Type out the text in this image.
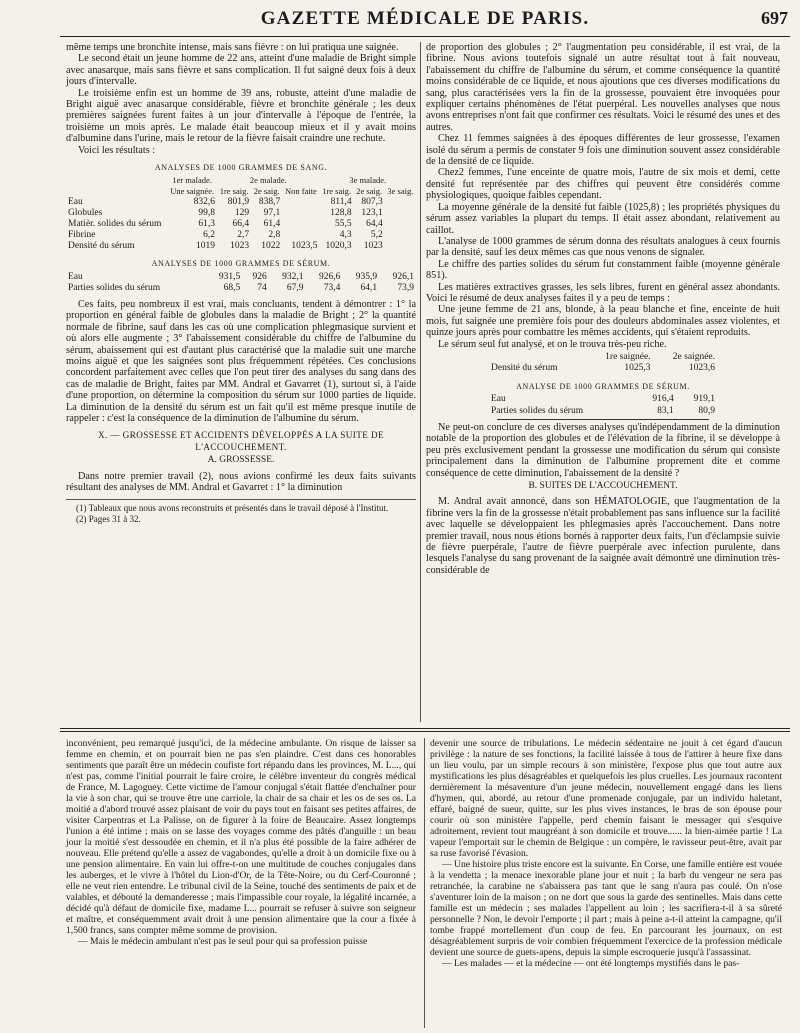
GAZETTE MÉDICALE DE PARIS.	697

même temps une bronchite intense, mais sans fièvre : on lui pratiqua une saignée.

Le second était un jeune homme de 22 ans, atteint d'une maladie de Bright simple avec anasarque, mais sans fièvre et sans complication. Il fut saigné deux fois à deux jours d'intervalle.

Le troisième enfin est un homme de 39 ans, robuste, atteint d'une maladie de Bright aiguë avec anasarque considérable, fièvre et bronchite générale ; les deux premières saignées furent faites à un jour d'intervalle à l'époque de l'entrée, la troisième un mois après. Le malade était beaucoup mieux et il y avait moins d'albumine dans l'urine, mais le retour de la fièvre faisait craindre une rechute.

Voici les résultats :

ANALYSES DE 1000 GRAMMES DE SANG.
	1er malade.	2e malade.			3e malade.		
	Une saignée.	1re saig.	2e saig.	Non faite	1re saig.	2e saig.	3e saig.
Eau	832,6	801,9	838,7		811,4	807,3	
Globules	99,8	129	97,1		128,8	123,1	
Matièr. solides du sérum	61,3	66,4	61,4		55,5	64,4	
Fibrine	6,2	2,7	2,8		4,3	5,2	
Densité du sérum	1019	1023	1022	1023,5	1020,3	1023	
ANALYSES DE 1000 GRAMMES DE SÉRUM.
Eau	931,5	926	932,1	926,6	935,9	926,1
Parties solides du sérum	68,5	74	67,9	73,4	64,1	73,9

Ces faits, peu nombreux il est vrai, mais concluants, tendent à démontrer : 1° la proportion en général faible de globules dans la maladie de Bright ; 2° la quantité normale de fibrine, sauf dans les cas où une complication phlegmasique survient et où alors elle augmente ; 3° l'abaissement considérable du chiffre de l'albumine du sérum, abaissement qui est d'autant plus caractérisé que la maladie suit une marche moins aiguë et que les saignées sont plus fréquemment répétées. Ces conclusions concordent parfaitement avec celles que l'on peut tirer des analyses du sang dans des cas de maladie de Bright, faites par MM. Andral et Gavarret (1), surtout si, à l'aide d'une proportion, on détermine la composition du sérum sur 1000 parties de liquide. La diminution de la densité du sérum est un fait qu'il est même presque inutile de rappeler : c'est la conséquence de la diminution de l'albumine du sérum.

X. — GROSSESSE ET ACCIDENTS DÉVELOPPÉS A LA SUITE DE L'ACCOUCHEMENT.
A. GROSSESSE.

Dans notre premier travail (2), nous avions confirmé les deux faits suivants résultant des analyses de MM. Andral et Gavarret : 1° la diminution

(1) Tableaux que nous avons reconstruits et présentés dans le travail déposé à l'Institut.
(2) Pages 31 à 32.

de proportion des globules ; 2° l'augmentation peu considérable, il est vrai, de la fibrine. Nous avions toutefois signalé un autre résultat tout à fait nouveau, l'abaissement du chiffre de l'albumine du sérum, et comme conséquence la quantité moins considérable de ce liquide, et nous ajoutions que ces diverses modifications du sang, plus caractérisées vers la fin de la grossesse, pouvaient être invoquées pour expliquer certains phénomènes de l'état puerpéral. Les nouvelles analyses que nous avons entreprises n'ont fait que confirmer ces résultats. Voici le résumé des unes et des autres.

Chez 11 femmes saignées à des époques différentes de leur grossesse, l'examen isolé du sérum a permis de constater 9 fois une diminution souvent assez considérable de la densité de ce liquide.

Chez2 femmes, l'une enceinte de quatre mois, l'autre de six mois et demi, cette densité fut représentée par des chiffres qui peuvent être considérés comme physiologiques, quoique faibles cependant.

La moyenne générale de la densité fut faible (1025,8) ; les propriétés physiques du sérum assez variables la plupart du temps. Il était assez abondant, relativement au caillot.

L'analyse de 1000 grammes de sérum donna des résultats analogues à ceux fournis par la densité, sauf les deux mêmes cas que nous venons de signaler.

Le chiffre des parties solides du sérum fut constamment faible (moyenne générale 851).

Les matières extractives grasses, les sels libres, furent en général assez abondants. Voici le résumé de deux analyses faites il y a peu de temps :

Une jeune femme de 21 ans, blonde, à la peau blanche et fine, enceinte de huit mois, fut saignée une première fois pour des douleurs abdominales assez violentes, et quinze jours après pour combattre les mêmes accidents, qui s'étaient reproduits.

Le sérum seul fut analysé, et on le trouva très-peu riche.

	1re saignée.	2e saignée.
Densité du sérum	1025,3	1023,6
ANALYSE DE 1000 GRAMMES DE SÉRUM.
Eau	916,4	919,1
Parties solides du sérum	83,1	80,9

Ne peut-on conclure de ces diverses analyses qu'indépendamment de la diminution notable de la proportion des globules et de l'élévation de la fibrine, il se développe à peu près exclusivement pendant la grossesse une modification du sérum qui consiste principalement dans la diminution de l'albumine proprement dite et comme conséquence de cette diminution, l'abaissement de la densité ?

B. SUITES DE L'ACCOUCHEMENT.

M. Andral avait annoncé, dans son HÉMATOLOGIE, que l'augmentation de la fibrine vers la fin de la grossesse n'était probablement pas sans influence sur la facilité avec laquelle se développaient les phlegmasies après l'accouchement. Dans notre premier travail, nous nous étions bornés à rapporter deux faits, l'un d'éclampsie suivie de fièvre puerpérale, l'autre de fièvre puerpérale avec infection purulente, dans lesquels l'analyse du sang provenant de la saignée avait démontré une diminution très-considérable de

inconvénient, peu remarqué jusqu'ici, de la médecine ambulante. On risque de laisser sa femme en chemin, et on pourrait bien ne pas s'en plaindre. C'est dans ces honorables sentiments que paraît être un médecin coufiste fort répandu dans les provinces, M. L..., qui n'est pas, comme l'initial pourrait le faire croire, le célèbre inventeur du congrès médical de France, M. Lagoguey. Cette victime de l'amour conjugal s'était flattée d'enchaîner pour la vie à son char, qui se trouve être une carriole, la chair de sa chair et les os de ses os. La moitié a d'abord trouvé assez plaisant de voir du pays tout en faisant ses petites affaires, de visiter Carpentras et La Palisse, on de figurer à la foire de Beaucaire. Assez longtemps l'union a été intime ; mais on se lasse des voyages comme des pâtés d'anguille : un beau jour la moitié s'est dessoudée en chemin, et il n'a plus été possible de la faire adhérer de nouveau. Elle prétend qu'elle a assez de vagabondes, qu'elle a droit à un domicile fixe ou à une pension alimentaire. En vain lui offre-t-on une multitude de couches conjugales dans les auberges, et le vivre à l'hôtel du Lion-d'Or, de la Tête-Noire, ou du Cerf-Couronné ; elle ne veut rien entendre. Le tribunal civil de la Seine, touché des sentiments de paix et de valables, et débouté la demanderesse ; mais l'impassible cour royale, la légalité incarnée, a décidé qu'à défaut de domicile fixe, madame L... pourrait se refuser à suivre son seigneur et maître, et conséquemment avait droit à une pension alimentaire que la cour a fixée à 1,500 francs, sans compter même somme de provision.

— Mais le médecin ambulant n'est pas le seul pour qui sa profession puisse

devenir une source de tribulations. Le médecin sédentaire ne jouit à cet égard d'aucun privilège : la nature de ses fonctions, la facilité laissée à tous de l'attirer à heure fixe dans un lieu voulu, par un simple recours à son ministère, l'expose plus que tout autre aux mystifications les plus désagréables et quelquefois les plus cruelles. Les journaux racontent dernièrement la mésaventure d'un jeune médecin, nouvellement engagé dans les liens d'hymen, qui, abordé, au retour d'une promenade conjugale, par un individu haletant, effaré, baigné de sueur, quitte, sur les plus vives instances, le bras de son épouse pour courir où son ministère l'appelle, perd chemin faisant le messager qui s'esquive adroitement, revient tout maugréant à son domicile et trouve...... la bien-aimée partie ! La vapeur l'emportait sur le chemin de Belgique : un compère, le ravisseur peut-être, avait par sa ruse favorisé l'évasion.

— Une histoire plus triste encore est la suivante. En Corse, une famille entière est vouée à la vendetta ; la menace inexorable plane jour et nuit ; la barb du vengeur ne sera pas retranchée, la carabine ne s'abaissera pas tant que le sang n'aura pas coulé. On n'ose s'aventurer loin de la maison ; on ne dort que sous la garde des sentinelles. Mais dans cette famille est un médecin ; ses malades l'appellent au loin ; les sacrifiera-t-il à sa sûreté personnelle ? Non, le devoir l'emporte ; il part ; mais à peine a-t-il atteint la campagne, qu'il tombe frappé mortellement d'un coup de feu. En parcourant les journaux, on est désagréablement surpris de voir combien fréquemment l'exercice de la profession médicale devient une source de guets-apens, depuis la simple escroquerie jusqu'à l'assassinat.

— Les malades — et la médecine — ont été longtemps mystifiés dans le pas-
